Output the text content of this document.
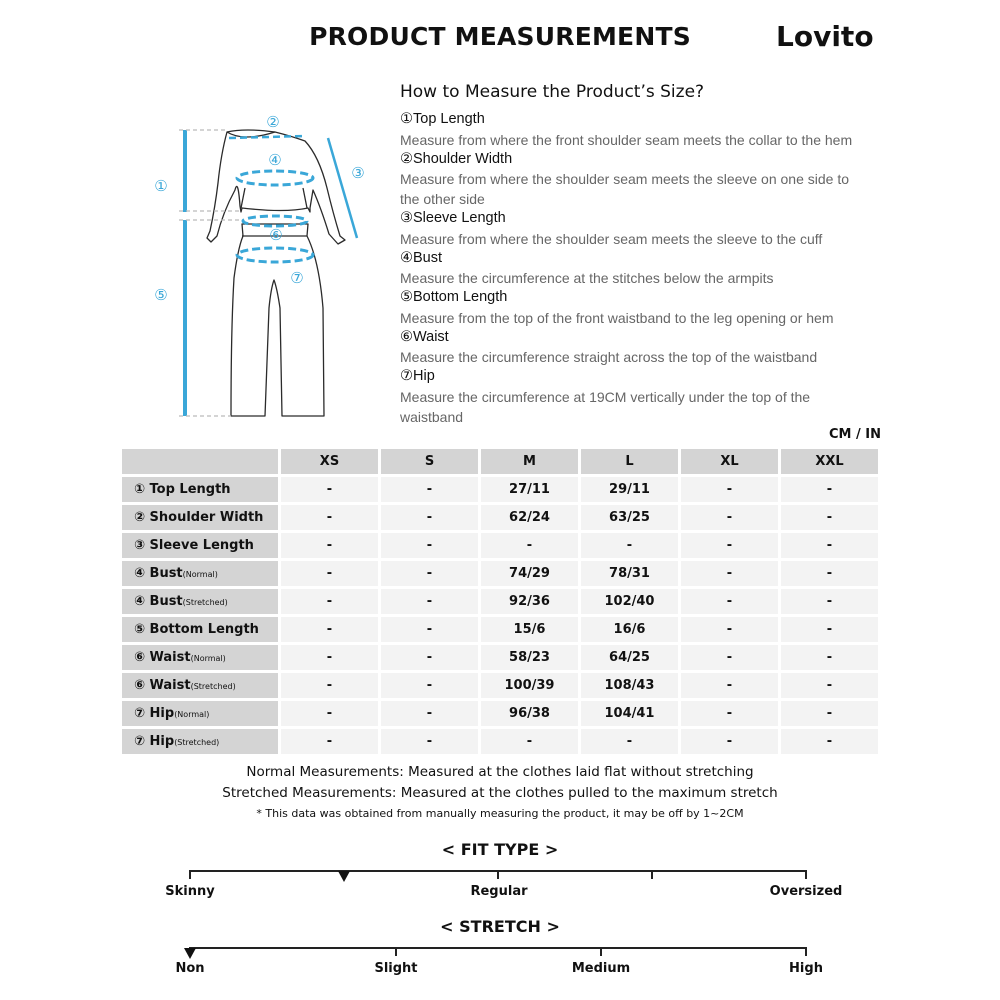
PRODUCT MEASUREMENTS	Lovito
①
②
③
④
⑤
⑥
⑦
How to Measure the Product’s Size?
①Top Length
Measure from where the front shoulder seam meets the collar to the hem
②Shoulder Width
Measure from where the shoulder seam meets the sleeve on one side to the other side
③Sleeve Length
Measure from where the shoulder seam meets the sleeve to the cuff
④Bust
Measure the circumference at the stitches below the armpits
⑤Bottom Length
Measure from the top of the front waistband to the leg opening or hem
⑥Waist
Measure the circumference straight across the top of the waistband
⑦Hip
Measure the circumference at 19CM vertically under the top of the waistband
CM / IN
	XS	S	M	L	XL	XXL
① Top Length	-	-	27/11	29/11	-	-
② Shoulder Width	-	-	62/24	63/25	-	-
③ Sleeve Length	-	-	-	-	-	-
④ Bust(Normal)	-	-	74/29	78/31	-	-
④ Bust(Stretched)	-	-	92/36	102/40	-	-
⑤ Bottom Length	-	-	15/6	16/6	-	-
⑥ Waist(Normal)	-	-	58/23	64/25	-	-
⑥ Waist(Stretched)	-	-	100/39	108/43	-	-
⑦ Hip(Normal)	-	-	96/38	104/41	-	-
⑦ Hip(Stretched)	-	-	-	-	-	-
Normal Measurements: Measured at the clothes laid flat without stretching
Stretched Measurements: Measured at the clothes pulled to the maximum stretch
* This data was obtained from manually measuring the product, it may be off by 1~2CM
< FIT TYPE >
Skinny	Regular	Oversized
< STRETCH >
Non	Slight	Medium	High
